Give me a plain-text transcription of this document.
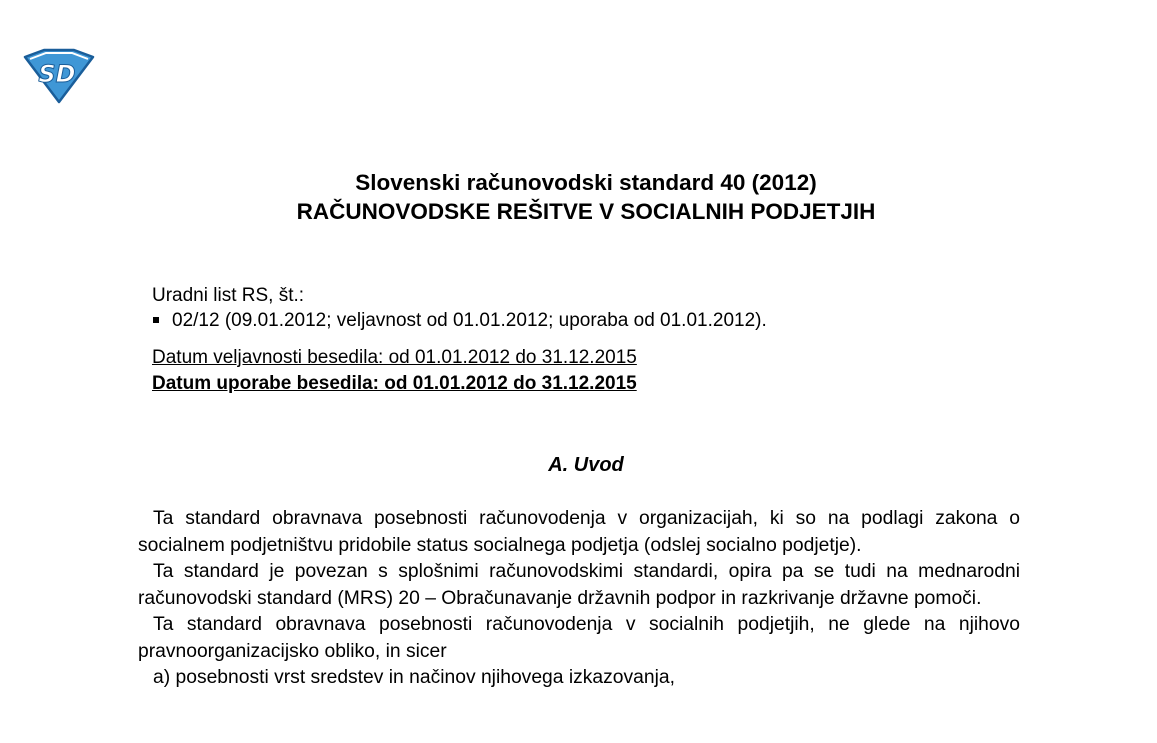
SD
Slovenski računovodski standard 40 (2012)
RAČUNOVODSKE REŠITVE V SOCIALNIH PODJETJIH
Uradni list RS, št.:
02/12 (09.01.2012; veljavnost od 01.01.2012; uporaba od 01.01.2012).
Datum veljavnosti besedila: od 01.01.2012 do 31.12.2015
Datum uporabe besedila: od 01.01.2012 do 31.12.2015
A. Uvod

Ta standard obravnava posebnosti računovodenja v organizacijah, ki so na podlagi zakona o socialnem podjetništvu pridobile status socialnega podjetja (odslej socialno podjetje).

Ta standard je povezan s splošnimi računovodskimi standardi, opira pa se tudi na mednarodni računovodski standard (MRS) 20 – Obračunavanje državnih podpor in razkrivanje državne pomoči.

Ta standard obravnava posebnosti računovodenja v socialnih podjetjih, ne glede na njihovo pravnoorganizacijsko obliko, in sicer

a) posebnosti vrst sredstev in načinov njihovega izkazovanja,
